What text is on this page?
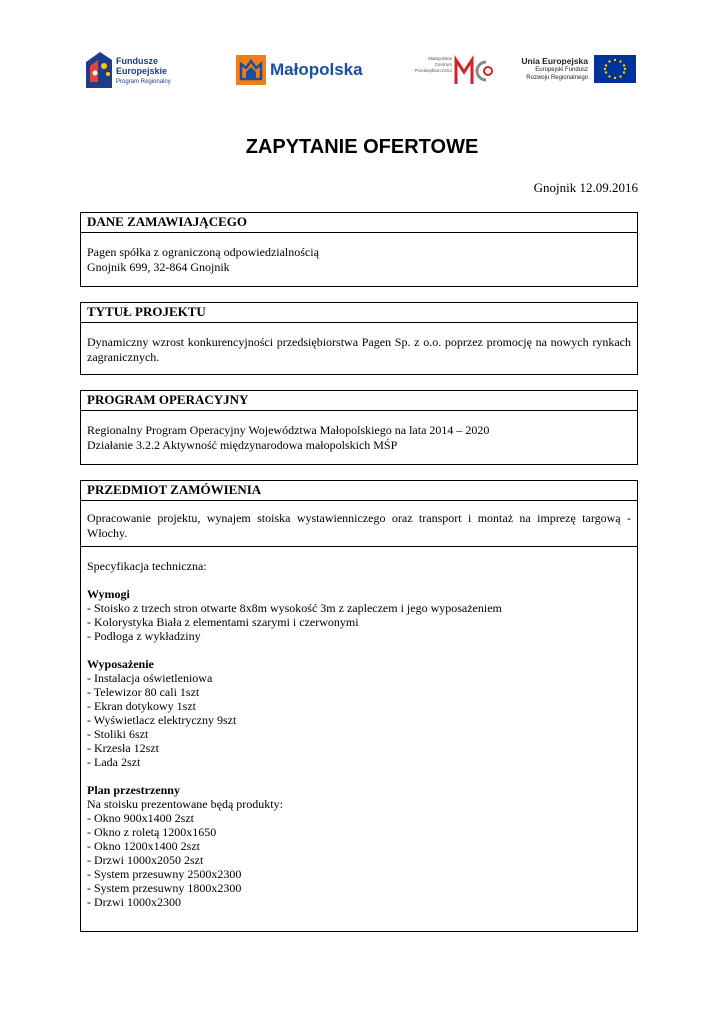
Fundusze
Europejskie
Program Regionalny
Małopolska
Małopolskie
Centrum
Przedsiębiorczości
Unia Europejska
Europejski Fundusz
Rozwoju Regionalnego
ZAPYTANIE OFERTOWE
Gnojnik 12.09.2016
DANE ZAMAWIAJĄCEGO

Pagen spółka z ograniczoną odpowiedzialnością

Gnojnik 699, 32-864 Gnojnik

TYTUŁ PROJEKTU

Dynamiczny wzrost konkurencyjności przedsiębiorstwa Pagen Sp. z o.o. poprzez promocję na nowych rynkach zagranicznych.

PROGRAM OPERACYJNY

Regionalny Program Operacyjny Województwa Małopolskiego na lata 2014 – 2020

Działanie 3.2.2 Aktywność międzynarodowa małopolskich MŚP

PRZEDMIOT ZAMÓWIENIA

Opracowanie projektu, wynajem stoiska wystawienniczego oraz transport i montaż na imprezę targową - Włochy.

Specyfikacja techniczna:

Wymogi

- Stoisko z trzech stron otwarte 8x8m wysokość 3m z zapleczem i jego wyposażeniem

- Kolorystyka Biała z elementami szarymi i czerwonymi

- Podłoga z wykładziny

Wyposażenie

- Instalacja oświetleniowa

- Telewizor 80 cali 1szt

- Ekran dotykowy 1szt

- Wyświetlacz elektryczny 9szt

- Stoliki 6szt

- Krzesła 12szt

- Lada 2szt

Plan przestrzenny

Na stoisku prezentowane będą produkty:

- Okno 900x1400 2szt

- Okno z roletą 1200x1650

- Okno 1200x1400 2szt

- Drzwi 1000x2050 2szt

- System przesuwny 2500x2300

- System przesuwny 1800x2300

- Drzwi 1000x2300
